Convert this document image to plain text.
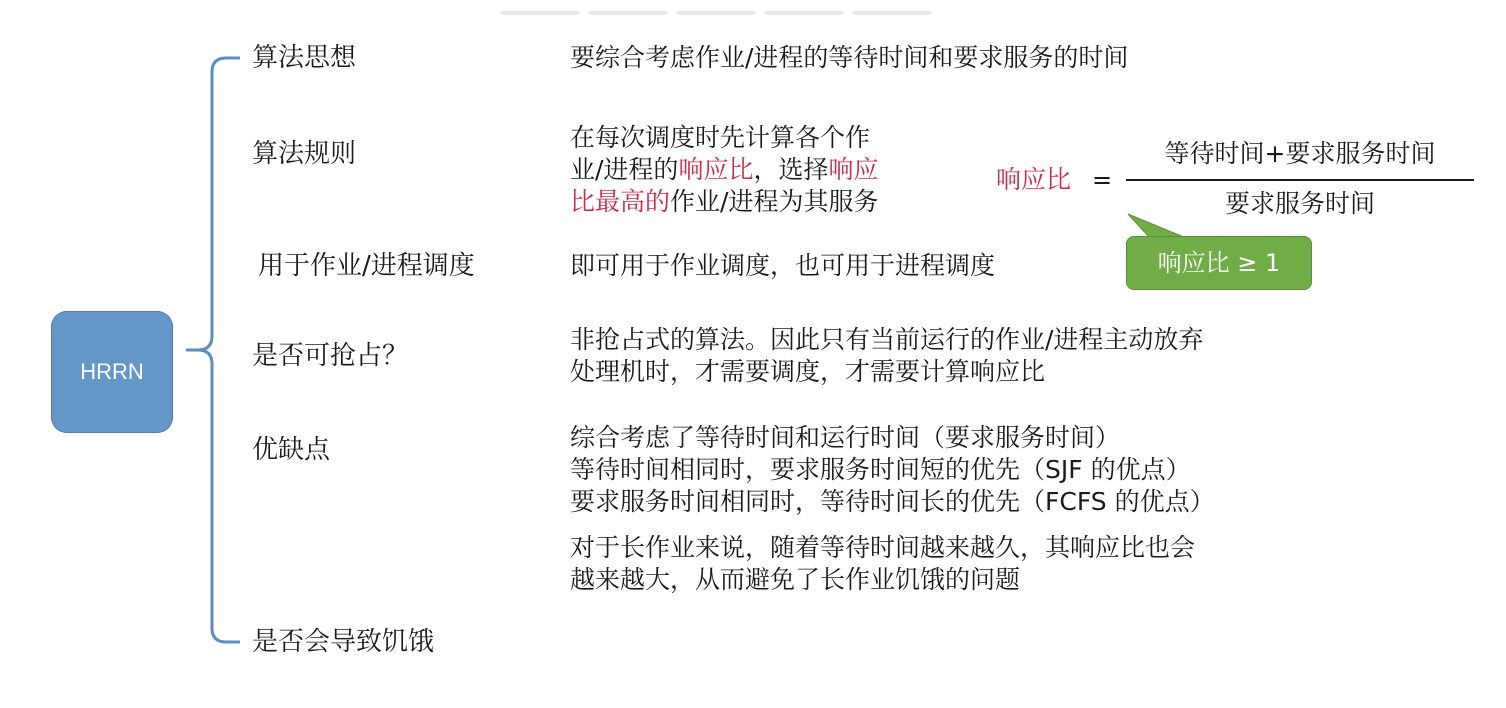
HRRN
算法思想
算法规则
用于作业/进程调度
是否可抢占？
优缺点
是否会导致饥饿
要综合考虑作业/进程的等待时间和要求服务的时间
在每次调度时先计算各个作
业/进程的响应比，选择响应
比最高的作业/进程为其服务
即可用于作业调度，也可用于进程调度
非抢占式的算法。因此只有当前运行的作业/进程主动放弃
处理机时，才需要调度，才需要计算响应比
综合考虑了等待时间和运行时间（要求服务时间）
等待时间相同时，要求服务时间短的优先（SJF 的优点）
要求服务时间相同时，等待时间长的优先（FCFS 的优点）
对于长作业来说，随着等待时间越来越久，其响应比也会
越来越大，从而避免了长作业饥饿的问题
响应比 =
等待时间+要求服务时间
要求服务时间
响应比 ≥ 1
